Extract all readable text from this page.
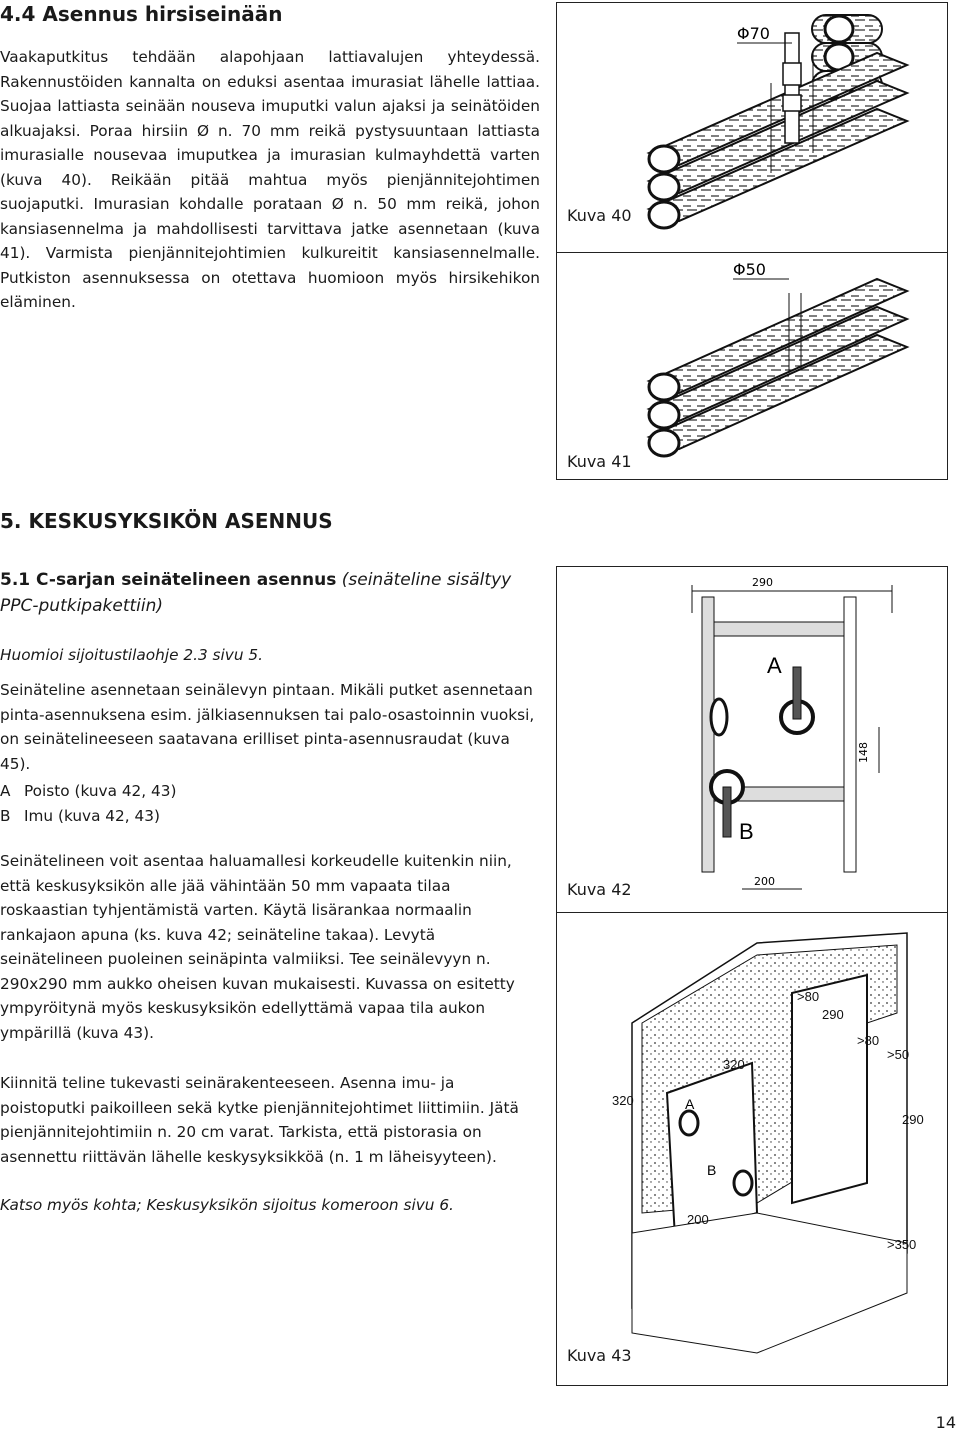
4.4 Asennus hirsiseinään

Vaakaputkitus tehdään alapohjaan lattiavalujen yhteydessä. Rakennustöiden kannalta on eduksi asentaa imurasiat lähelle lattiaa. Suojaa lattiasta seinään nouseva imuputki valun ajaksi ja seinätöiden alkuajaksi. Poraa hirsiin Ø n. 70 mm reikä pystysuuntaan lattiasta imurasialle nousevaa imuputkea ja imurasian kulmayhdettä varten (kuva 40). Reikään pitää mahtua myös pienjännitejohtimen suojaputki. Imurasian kohdalle porataan Ø n. 50 mm reikä, johon kansiasennelma ja mahdollisesti tarvittava jatke asennetaan (kuva 41). Varmista pienjännitejohtimien kulkureitit kansiasennelmalle. Putkiston asennuksessa on otettava huomioon myös hirsikehikon eläminen.

Φ70
Kuva 40
Φ50
Kuva 41
5. KESKUSYKSIKÖN ASENNUS
5.1 C-sarjan seinätelineen asennus (seinäteline sisältyy PPC-putkipakettiin)
Huomioi sijoitustilaohje 2.3 sivu 5.

Seinäteline asennetaan seinälevyn pintaan. Mikäli putket asennetaan pinta-asennuksena esim. jälkiasennuksen tai palo-osastoinnin vuoksi, on seinätelineeseen saatavana erilliset pinta-asennusraudat (kuva 45).

A Poisto (kuva 42, 43)
B Imu (kuva 42, 43)

Seinätelineen voit asentaa haluamallesi korkeudelle kuitenkin niin, että keskusyksikön alle jää vähintään 50 mm vapaata tilaa roskaastian tyhjentämistä varten. Käytä lisärankaa normaalin rankajaon apuna (ks. kuva 42; seinäteline takaa). Levytä seinätelineen puoleinen seinäpinta valmiiksi. Tee seinälevyyn n. 290x290 mm aukko oheisen kuvan mukaisesti. Kuvassa on esitetty ympyröitynä myös keskusyksikön edellyttämä vapaa tila aukon ympärillä (kuva 43).

Kiinnitä teline tukevasti seinärakenteeseen. Asenna imu- ja poistoputki paikoilleen sekä kytke pienjännitejohtimet liittimiin. Jätä pienjännitejohtimiin n. 20 cm varat. Tarkista, että pistorasia on asennettu riittävän lähelle keskysyksikköä (n. 1 m läheisyyteen).

Katso myös kohta; Keskusyksikön sijoitus komeroon sivu 6.
290
A
B
148
200
Kuva 42
A
B
>80
290
>80
>50
320
320
290
200
>350
Kuva 43
14
